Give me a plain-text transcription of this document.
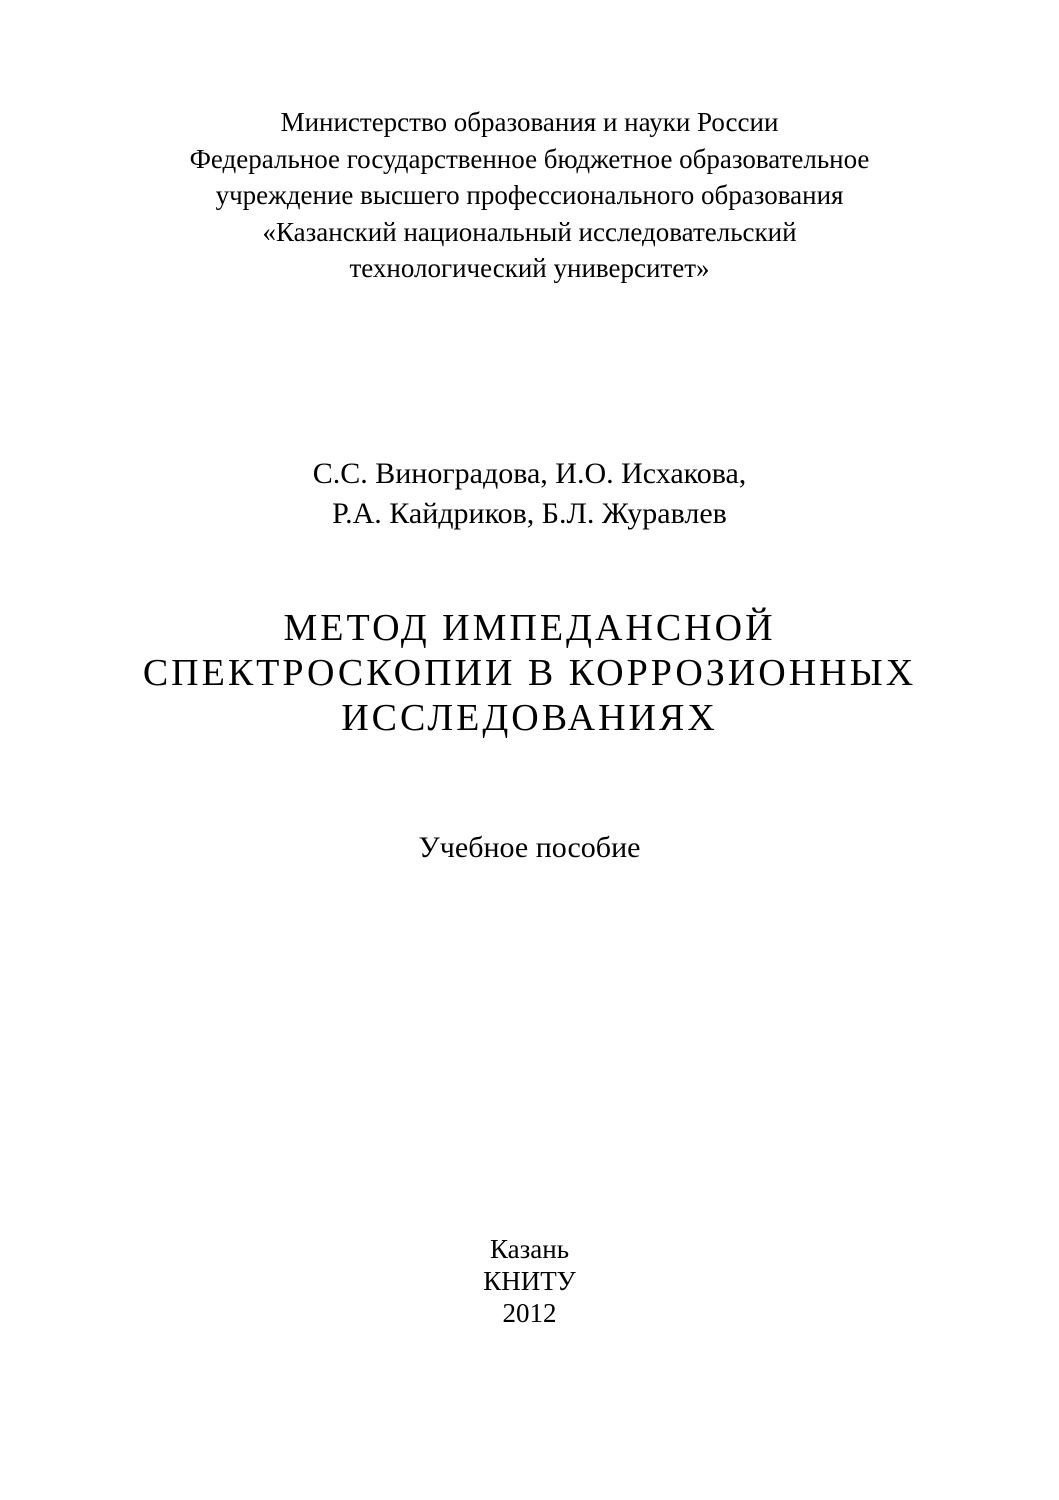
Министерство образования и науки России
Федеральное государственное бюджетное образовательное
учреждение высшего профессионального образования
«Казанский национальный исследовательский
технологический университет»
С.С. Виноградова, И.О. Исхакова,
Р.А. Кайдриков, Б.Л. Журавлев
МЕТОД ИМПЕДАНСНОЙ
СПЕКТРОСКОПИИ В КОРРОЗИОННЫХ
ИССЛЕДОВАНИЯХ
Учебное пособие
Казань
КНИТУ
2012
